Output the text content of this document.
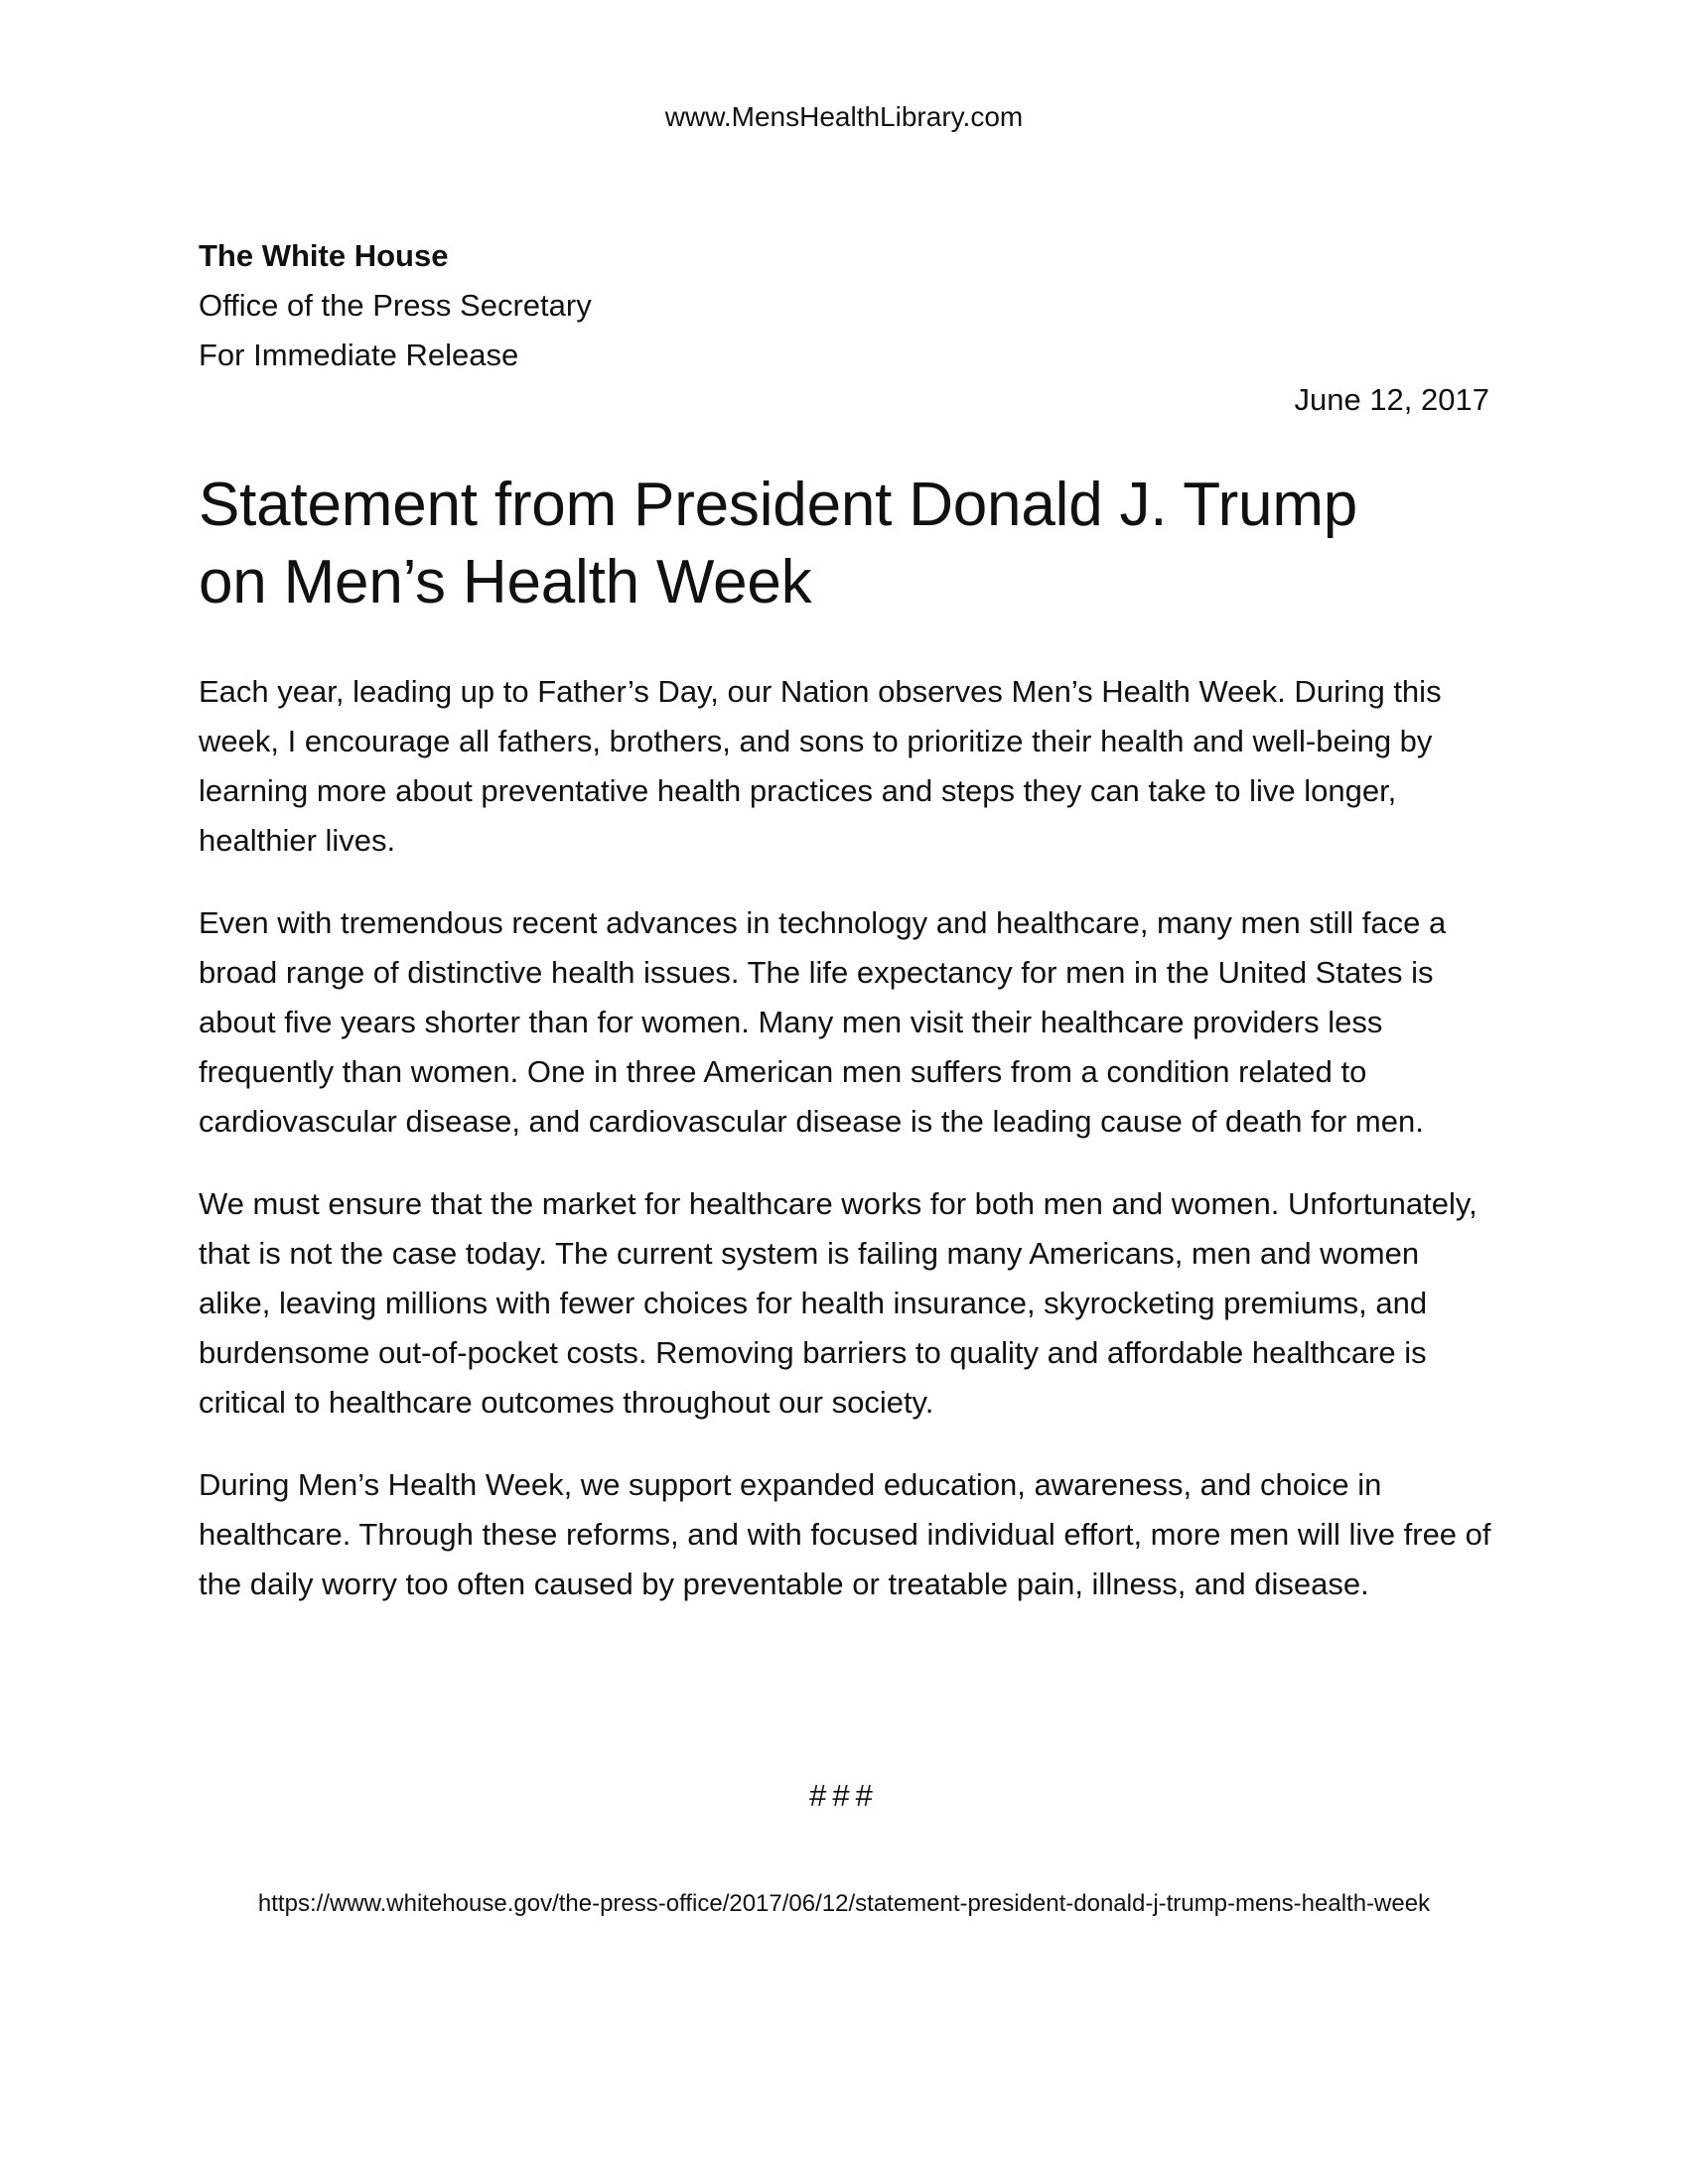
www.MensHealthLibrary.com
The White House
Office of the Press Secretary
For Immediate Release
June 12, 2017
Statement from President Donald J. Trump
on Men’s Health Week

Each year, leading up to Father’s Day, our Nation observes Men’s Health Week. During this week, I encourage all fathers, brothers, and sons to prioritize their health and well-being by learning more about preventative health practices and steps they can take to live longer, healthier lives.

Even with tremendous recent advances in technology and healthcare, many men still face a broad range of distinctive health issues. The life expectancy for men in the United States is about five years shorter than for women. Many men visit their healthcare providers less frequently than women. One in three American men suffers from a condition related to cardiovascular disease, and cardiovascular disease is the leading cause of death for men.

We must ensure that the market for healthcare works for both men and women. Unfortunately, that is not the case today. The current system is failing many Americans, men and women alike, leaving millions with fewer choices for health insurance, skyrocketing premiums, and burdensome out-of-pocket costs. Removing barriers to quality and affordable healthcare is critical to healthcare outcomes throughout our society.

During Men’s Health Week, we support expanded education, awareness, and choice in healthcare. Through these reforms, and with focused individual effort, more men will live free of the daily worry too often caused by preventable or treatable pain, illness, and disease.

###
https://www.whitehouse.gov/the-press-office/2017/06/12/statement-president-donald-j-trump-mens-health-week
